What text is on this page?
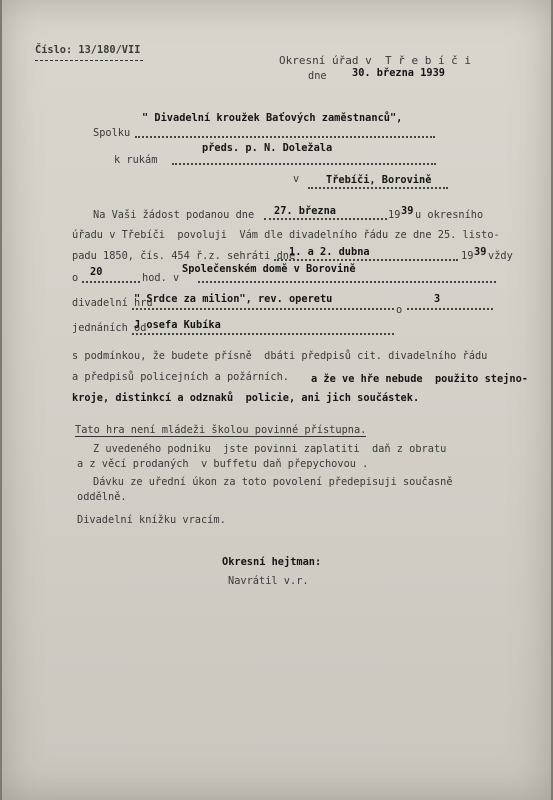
Číslo: 13/180/VII
Okresní úřad v  T ř e b í č i
dne 30. března 1939
" Divadelní kroužek Baťových zaměstnanců",
Spolku
předs. p. N. Doležala
k rukám
v	Třebíči, Borovině
Na Vaši žádost podanou dne 27. března	19 39 u okresního
úřadu v Třebíči  povoluji  Vám dle divadelního řádu ze dne 25. listo-
padu 1850, čís. 454 ř.z. sehráti dne
1. a 2. dubna	19 39 vždy
o 20	hod. v
Společenském domě v Borovině
divadelní hru
" Srdce za milion", rev. operetu
o
3
jednáních od
J osefa Kubíka
s podmínkou, že budete přísně  dbáti předpisů cit. divadelního řádu
a předpisů policejních a požárních. a že ve hře nebude  použito stejno-
kroje, distinkcí a odznaků  policie, ani jich součástek.
Tato hra není mládeži školou povinné přístupna.
Z uvedeného podniku  jste povinni zaplatiti  daň z obratu
a z věcí prodaných  v buffetu daň přepychovou .
Dávku ze uřední úkon za toto povolení předepisuji současně
oddělně.
Divadelní knížku vracím.
Okresní hejtman:
Navrátil v.r.
